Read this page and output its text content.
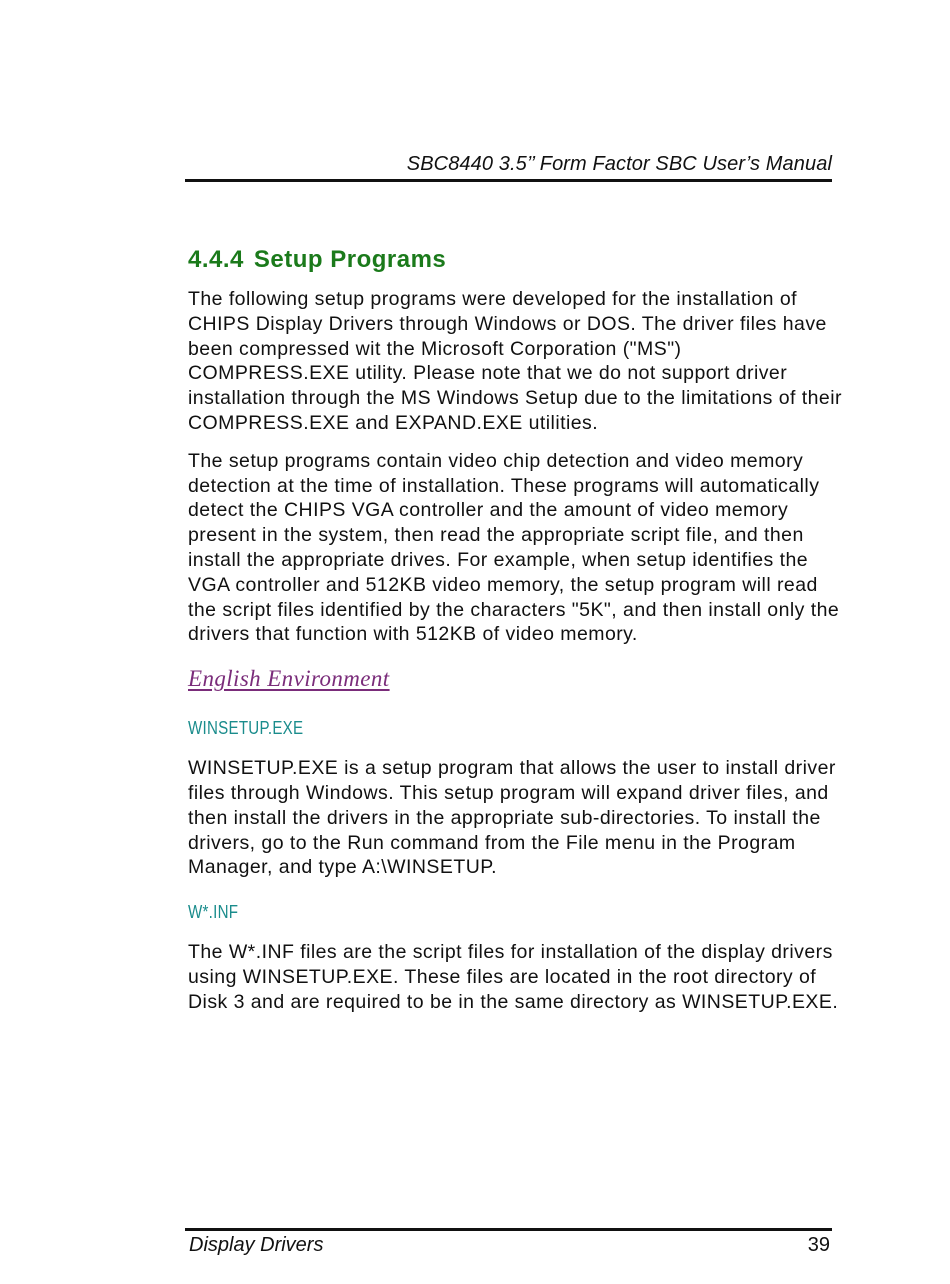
SBC8440 3.5’’ Form Factor SBC User’s Manual
4.4.4 Setup Programs

The following setup programs were developed for the installation of CHIPS Display Drivers through Windows or DOS. The driver files have been compressed wit the Microsoft Corporation ("MS") COMPRESS.EXE utility. Please note that we do not support driver installation through the MS Windows Setup due to the limitations of their COMPRESS.EXE and EXPAND.EXE utilities.

The setup programs contain video chip detection and video memory detection at the time of installation. These programs will automatically detect the CHIPS VGA controller and the amount of video memory present in the system, then read the appropriate script file, and then install the appropriate drives. For example, when setup identifies the VGA controller and 512KB video memory, the setup program will read the script files identified by the characters "5K", and then install only the drivers that function with 512KB of video memory.

English Environment
WINSETUP.EXE

WINSETUP.EXE is a setup program that allows the user to install driver files through Windows. This setup program will expand driver files, and then install the drivers in the appropriate sub-directories. To install the drivers, go to the Run command from the File menu in the Program Manager, and type A:\WINSETUP.

W*.INF

The W*.INF files are the script files for installation of the display drivers using WINSETUP.EXE. These files are located in the root directory of Disk 3 and are required to be in the same directory as WINSETUP.EXE.

Display Drivers	39
